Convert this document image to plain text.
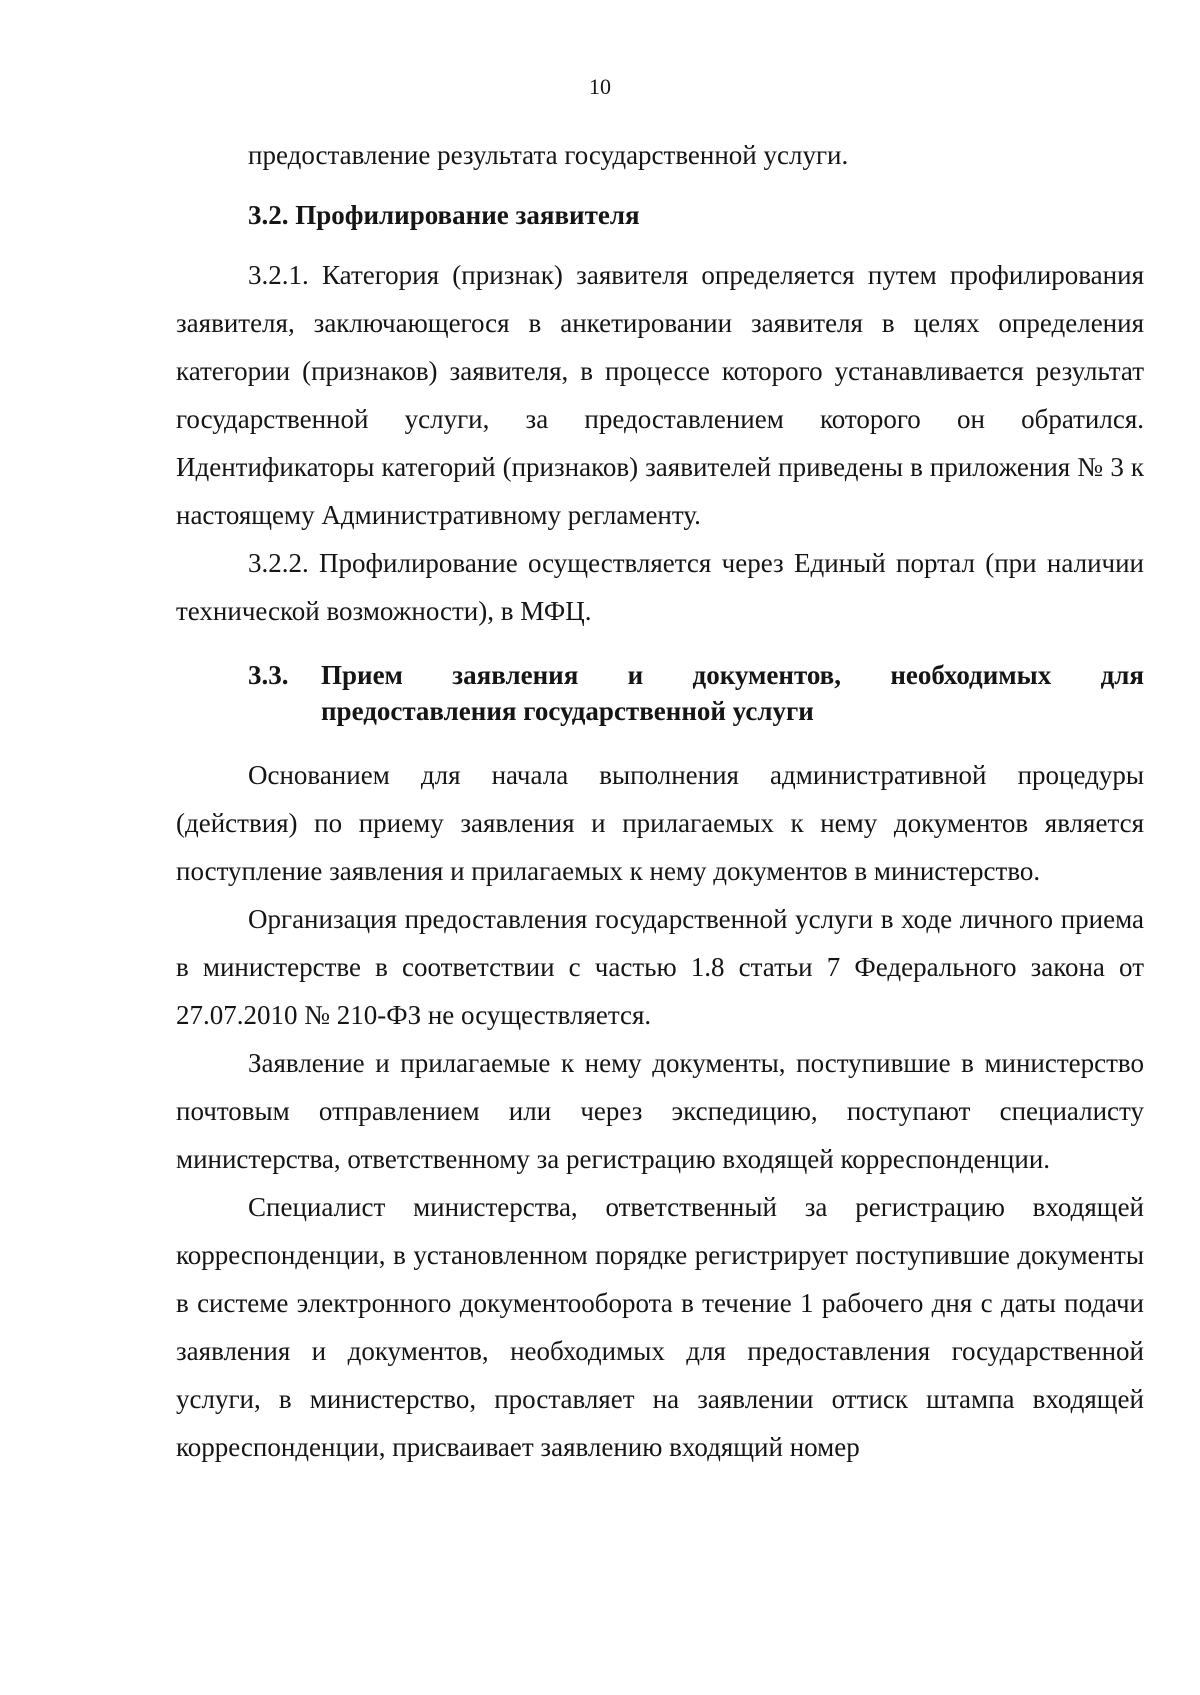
10

предоставление результата государственной услуги.

3.2. Профилирование заявителя

3.2.1. Категория (признак) заявителя определяется путем профилирования заявителя, заключающегося в анкетировании заявителя в целях определения категории (признаков) заявителя, в процессе которого устанавливается результат государственной услуги, за предоставлением которого он обратился. Идентификаторы категорий (признаков) заявителей приведены в приложения № 3 к настоящему Административному регламенту.

3.2.2. Профилирование осуществляется через Единый портал (при наличии технической возможности), в МФЦ.

3.3.	Прием заявления и документов, необходимых для
предоставления государственной услуги

Основанием для начала выполнения административной процедуры (действия) по приему заявления и прилагаемых к нему документов является поступление заявления и прилагаемых к нему документов в министерство.

Организация предоставления государственной услуги в ходе личного приема в министерстве в соответствии с частью 1.8 статьи 7 Федерального закона от 27.07.2010 № 210-ФЗ не осуществляется.

Заявление и прилагаемые к нему документы, поступившие в министерство почтовым отправлением или через экспедицию, поступают специалисту министерства, ответственному за регистрацию входящей корреспонденции.

Специалист министерства, ответственный за регистрацию входящей корреспонденции, в установленном порядке регистрирует поступившие документы в системе электронного документооборота в течение 1 рабочего дня с даты подачи заявления и документов, необходимых для предоставления государственной услуги, в министерство, проставляет на заявлении оттиск штампа входящей корреспонденции, присваивает заявлению входящий номер
